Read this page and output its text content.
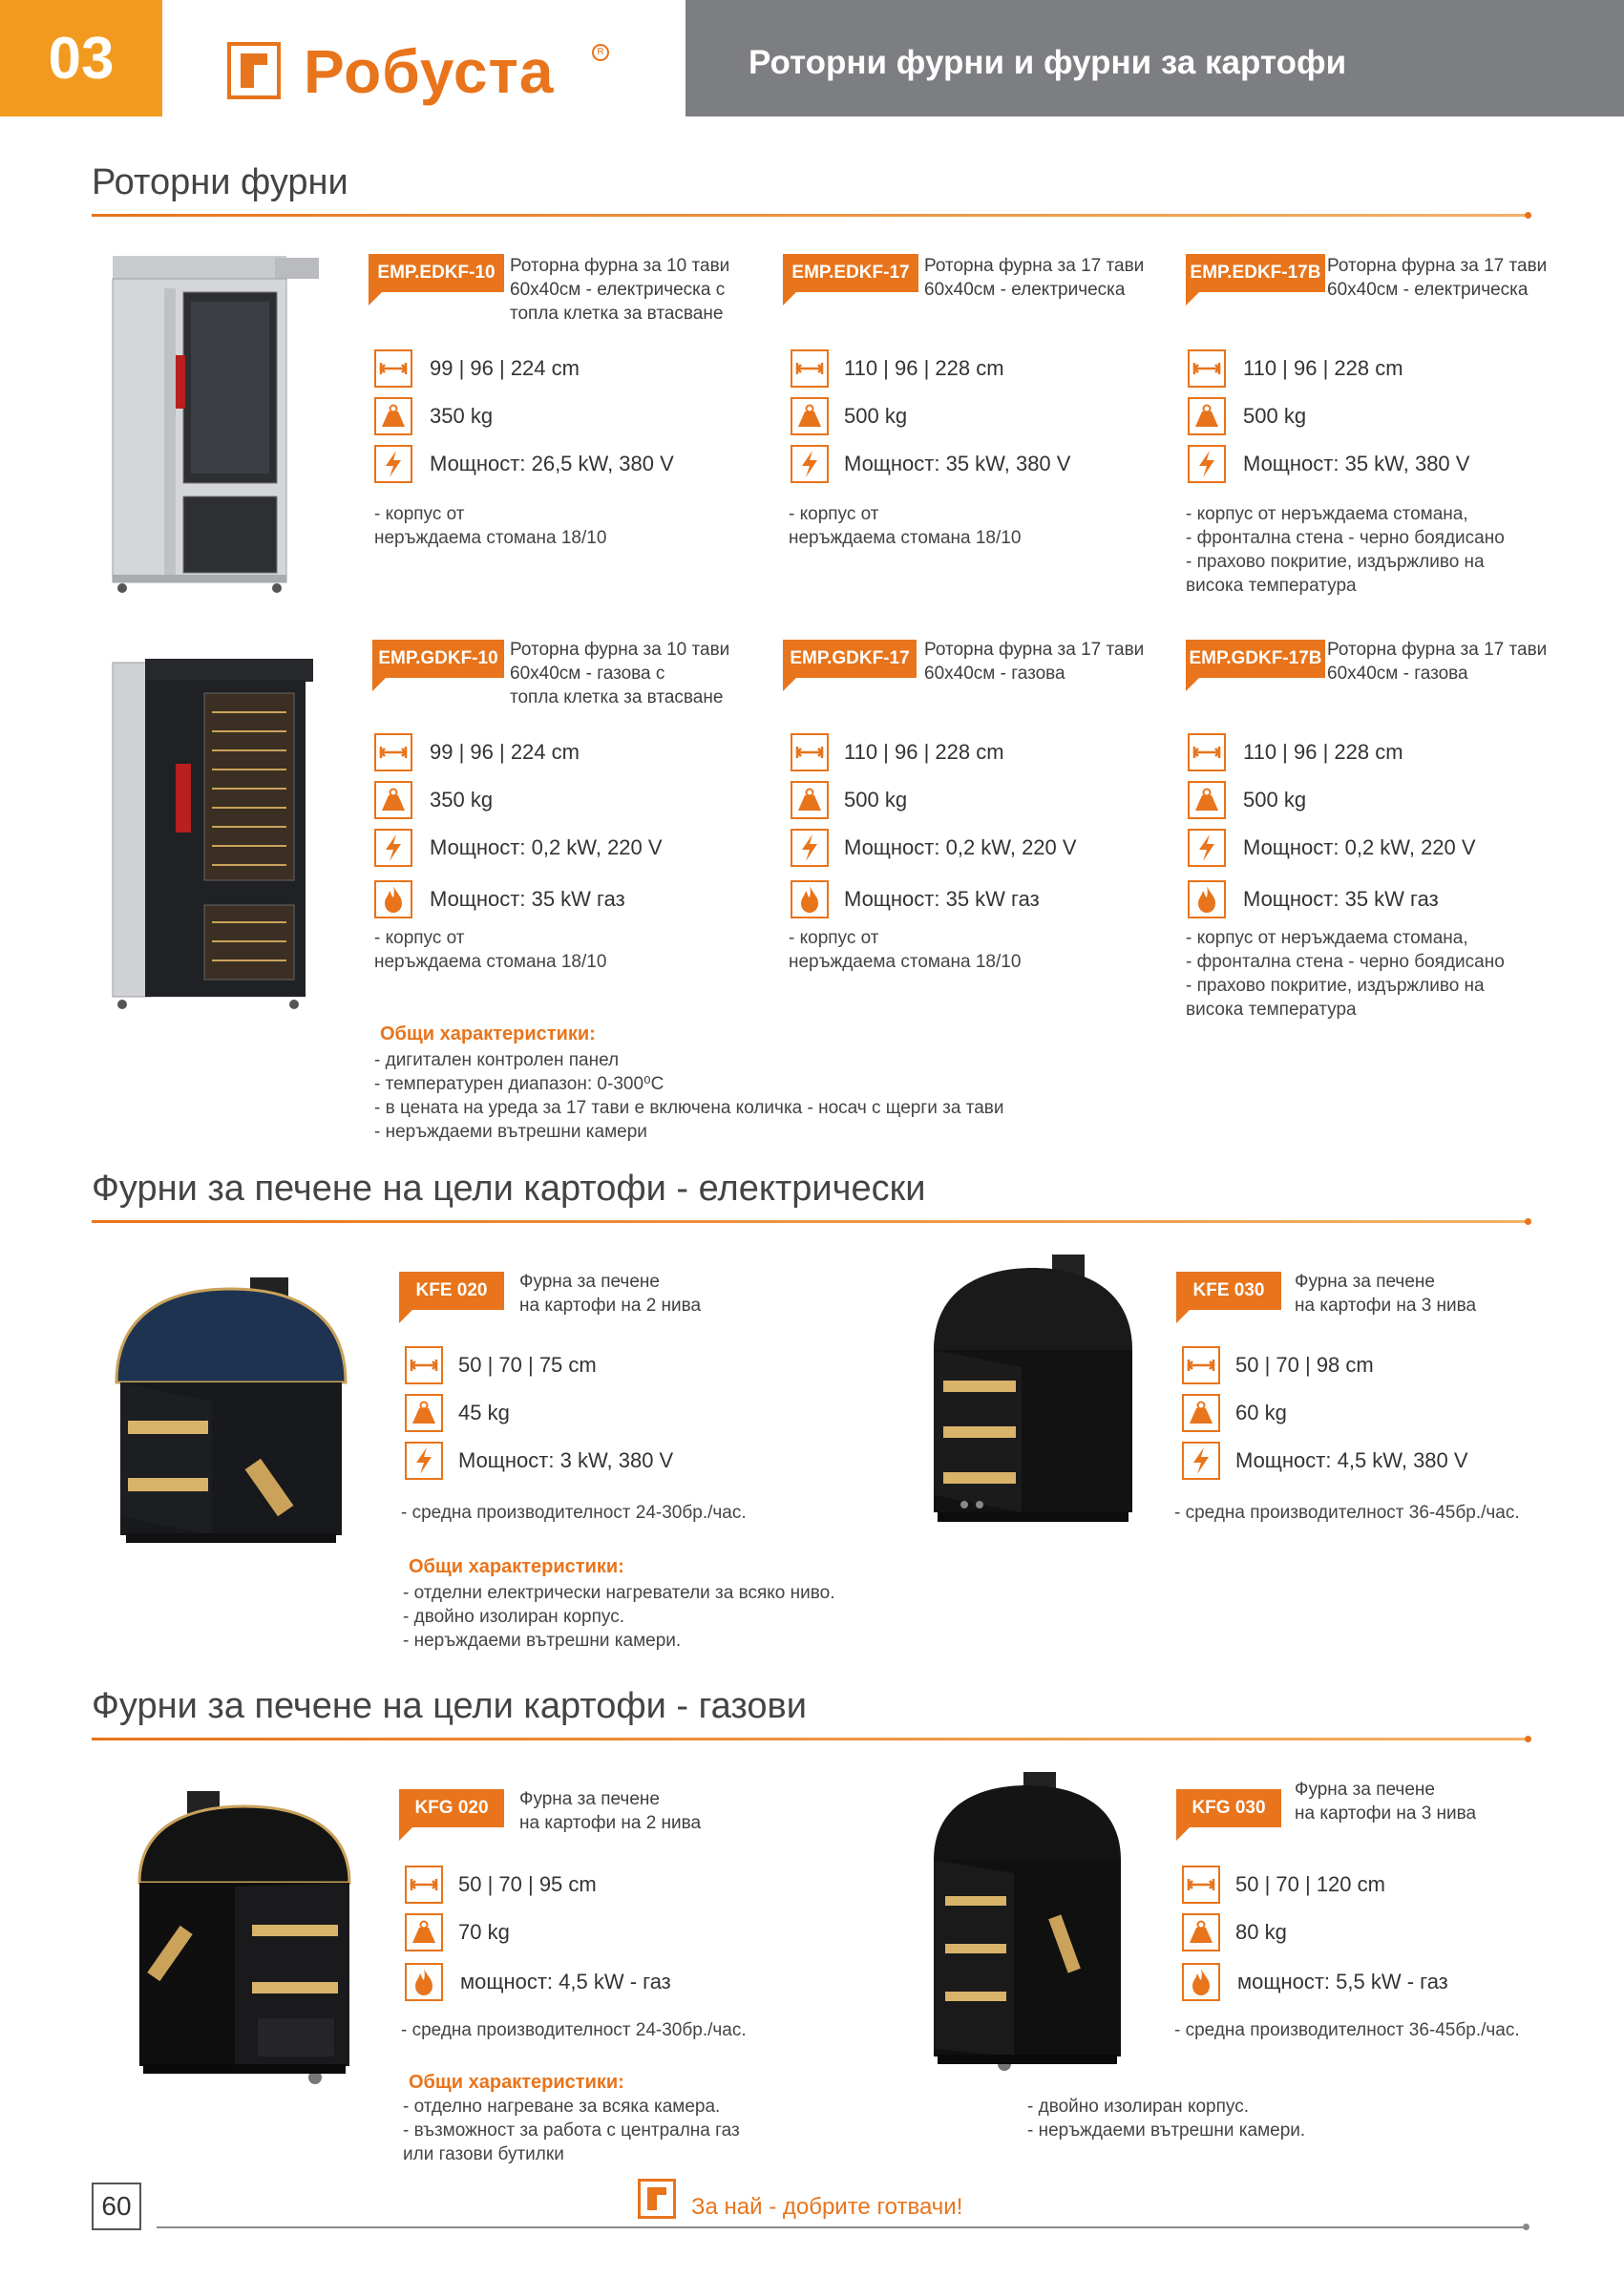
03	Робуста	R	Роторни фурни и фурни за картофи
Роторни фурни
EMP.EDKF-10 Роторна фурна за 10 тави
60x40см - електрическа с
топла клетка за втасване
99 | 96 | 224 cm
350 kg
Мощност: 26,5 kW, 380 V
- корпус от
неръждаема стомана 18/10
EMP.EDKF-17 Роторна фурна за 17 тави
60x40см - електрическа
110 | 96 | 228 cm
500 kg
Мощност: 35 kW, 380 V
- корпус от
неръждаема стомана 18/10
EMP.EDKF-17B Роторна фурна за 17 тави
60x40см - електрическа
110 | 96 | 228 cm
500 kg
Мощност: 35 kW, 380 V
- корпус от неръждаема стомана,
- фронтална стена - черно боядисано
- прахово покритие, издържливо на
висока температура
EMP.GDKF-10 Роторна фурна за 10 тави
60x40см - газова с
топла клетка за втасване
99 | 96 | 224 cm
350 kg
Мощност: 0,2 kW, 220 V
Мощност: 35 kW газ
- корпус от
неръждаема стомана 18/10
EMP.GDKF-17 Роторна фурна за 17 тави
60x40см - газова
110 | 96 | 228 cm
500 kg
Мощност: 0,2 kW, 220 V
Мощност: 35 kW газ
- корпус от
неръждаема стомана 18/10
EMP.GDKF-17B Роторна фурна за 17 тави
60x40см - газова
110 | 96 | 228 cm
500 kg
Мощност: 0,2 kW, 220 V
Мощност: 35 kW газ
- корпус от неръждаема стомана,
- фронтална стена - черно боядисано
- прахово покритие, издържливо на
висока температура
Общи характеристики:
- дигитален контролен панел
- температурен диапазон: 0-300⁰С
- в цената на уреда за 17 тави е включена количка - носач с щерги за тави
- неръждаеми вътрешни камери
Фурни за печене на цели картофи - електрически
KFE 020	Фурна за печене
на картофи на 2 нива
50 | 70 | 75 cm
45 kg
Мощност: 3 kW, 380 V
- средна производителност 24-30бр./час.
KFE 030	Фурна за печене
на картофи на 3 нива
50 | 70 | 98 cm
60 kg
Мощност: 4,5 kW, 380 V
- средна производителност 36-45бр./час.
Общи характеристики:
- отделни електрически нагреватели за всяко ниво.
- двойно изолиран корпус.
- неръждаеми вътрешни камери.
Фурни за печене на цели картофи - газови
KFG 020	Фурна за печене
на картофи на 2 нива
50 | 70 | 95 cm
70 kg
мощност: 4,5 kW - газ
- средна производителност 24-30бр./час.
KFG 030
Фурна за печене
на картофи на 3 нива
50 | 70 | 120 cm
80 kg
мощност: 5,5 kW - газ
- средна производителност 36-45бр./час.
Общи характеристики:
- отделно нагреване за всяка камера.
- възможност за работа с централна газ
или газови бутилки
- двойно изолиран корпус.
- неръждаеми вътрешни камери.
60	За най - добрите готвачи!
